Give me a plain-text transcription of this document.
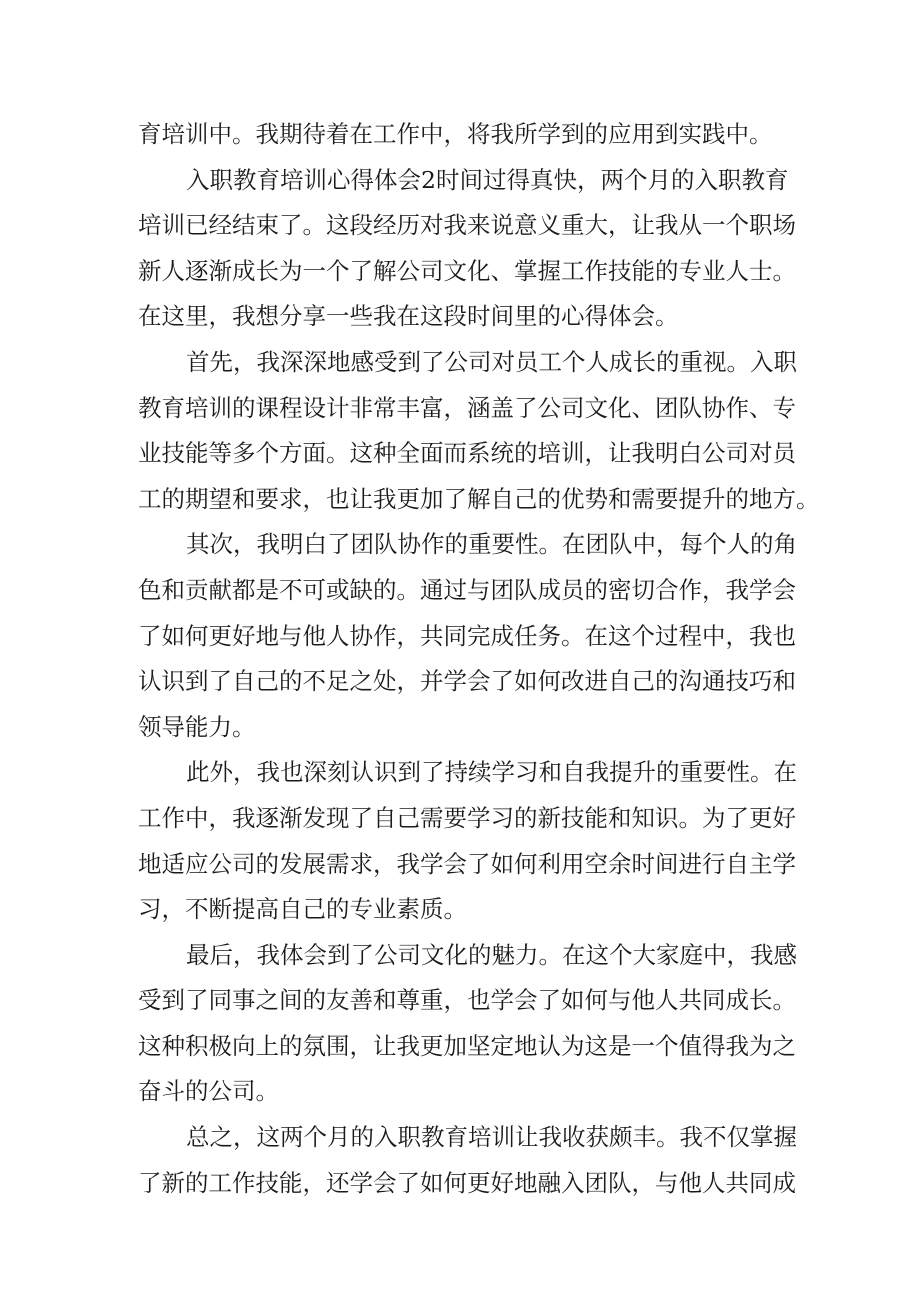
育培训中。我期待着在工作中，将我所学到的应用到实践中。
入职教育培训心得体会2时间过得真快，两个月的入职教育
培训已经结束了。这段经历对我来说意义重大，让我从一个职场
新人逐渐成长为一个了解公司文化、掌握工作技能的专业人士。
在这里，我想分享一些我在这段时间里的心得体会。
首先，我深深地感受到了公司对员工个人成长的重视。入职
教育培训的课程设计非常丰富，涵盖了公司文化、团队协作、专
业技能等多个方面。这种全面而系统的培训，让我明白公司对员
工的期望和要求，也让我更加了解自己的优势和需要提升的地方。
其次，我明白了团队协作的重要性。在团队中，每个人的角
色和贡献都是不可或缺的。通过与团队成员的密切合作，我学会
了如何更好地与他人协作，共同完成任务。在这个过程中，我也
认识到了自己的不足之处，并学会了如何改进自己的沟通技巧和
领导能力。
此外，我也深刻认识到了持续学习和自我提升的重要性。在
工作中，我逐渐发现了自己需要学习的新技能和知识。为了更好
地适应公司的发展需求，我学会了如何利用空余时间进行自主学
习，不断提高自己的专业素质。
最后，我体会到了公司文化的魅力。在这个大家庭中，我感
受到了同事之间的友善和尊重，也学会了如何与他人共同成长。
这种积极向上的氛围，让我更加坚定地认为这是一个值得我为之
奋斗的公司。
总之，这两个月的入职教育培训让我收获颇丰。我不仅掌握
了新的工作技能，还学会了如何更好地融入团队，与他人共同成
